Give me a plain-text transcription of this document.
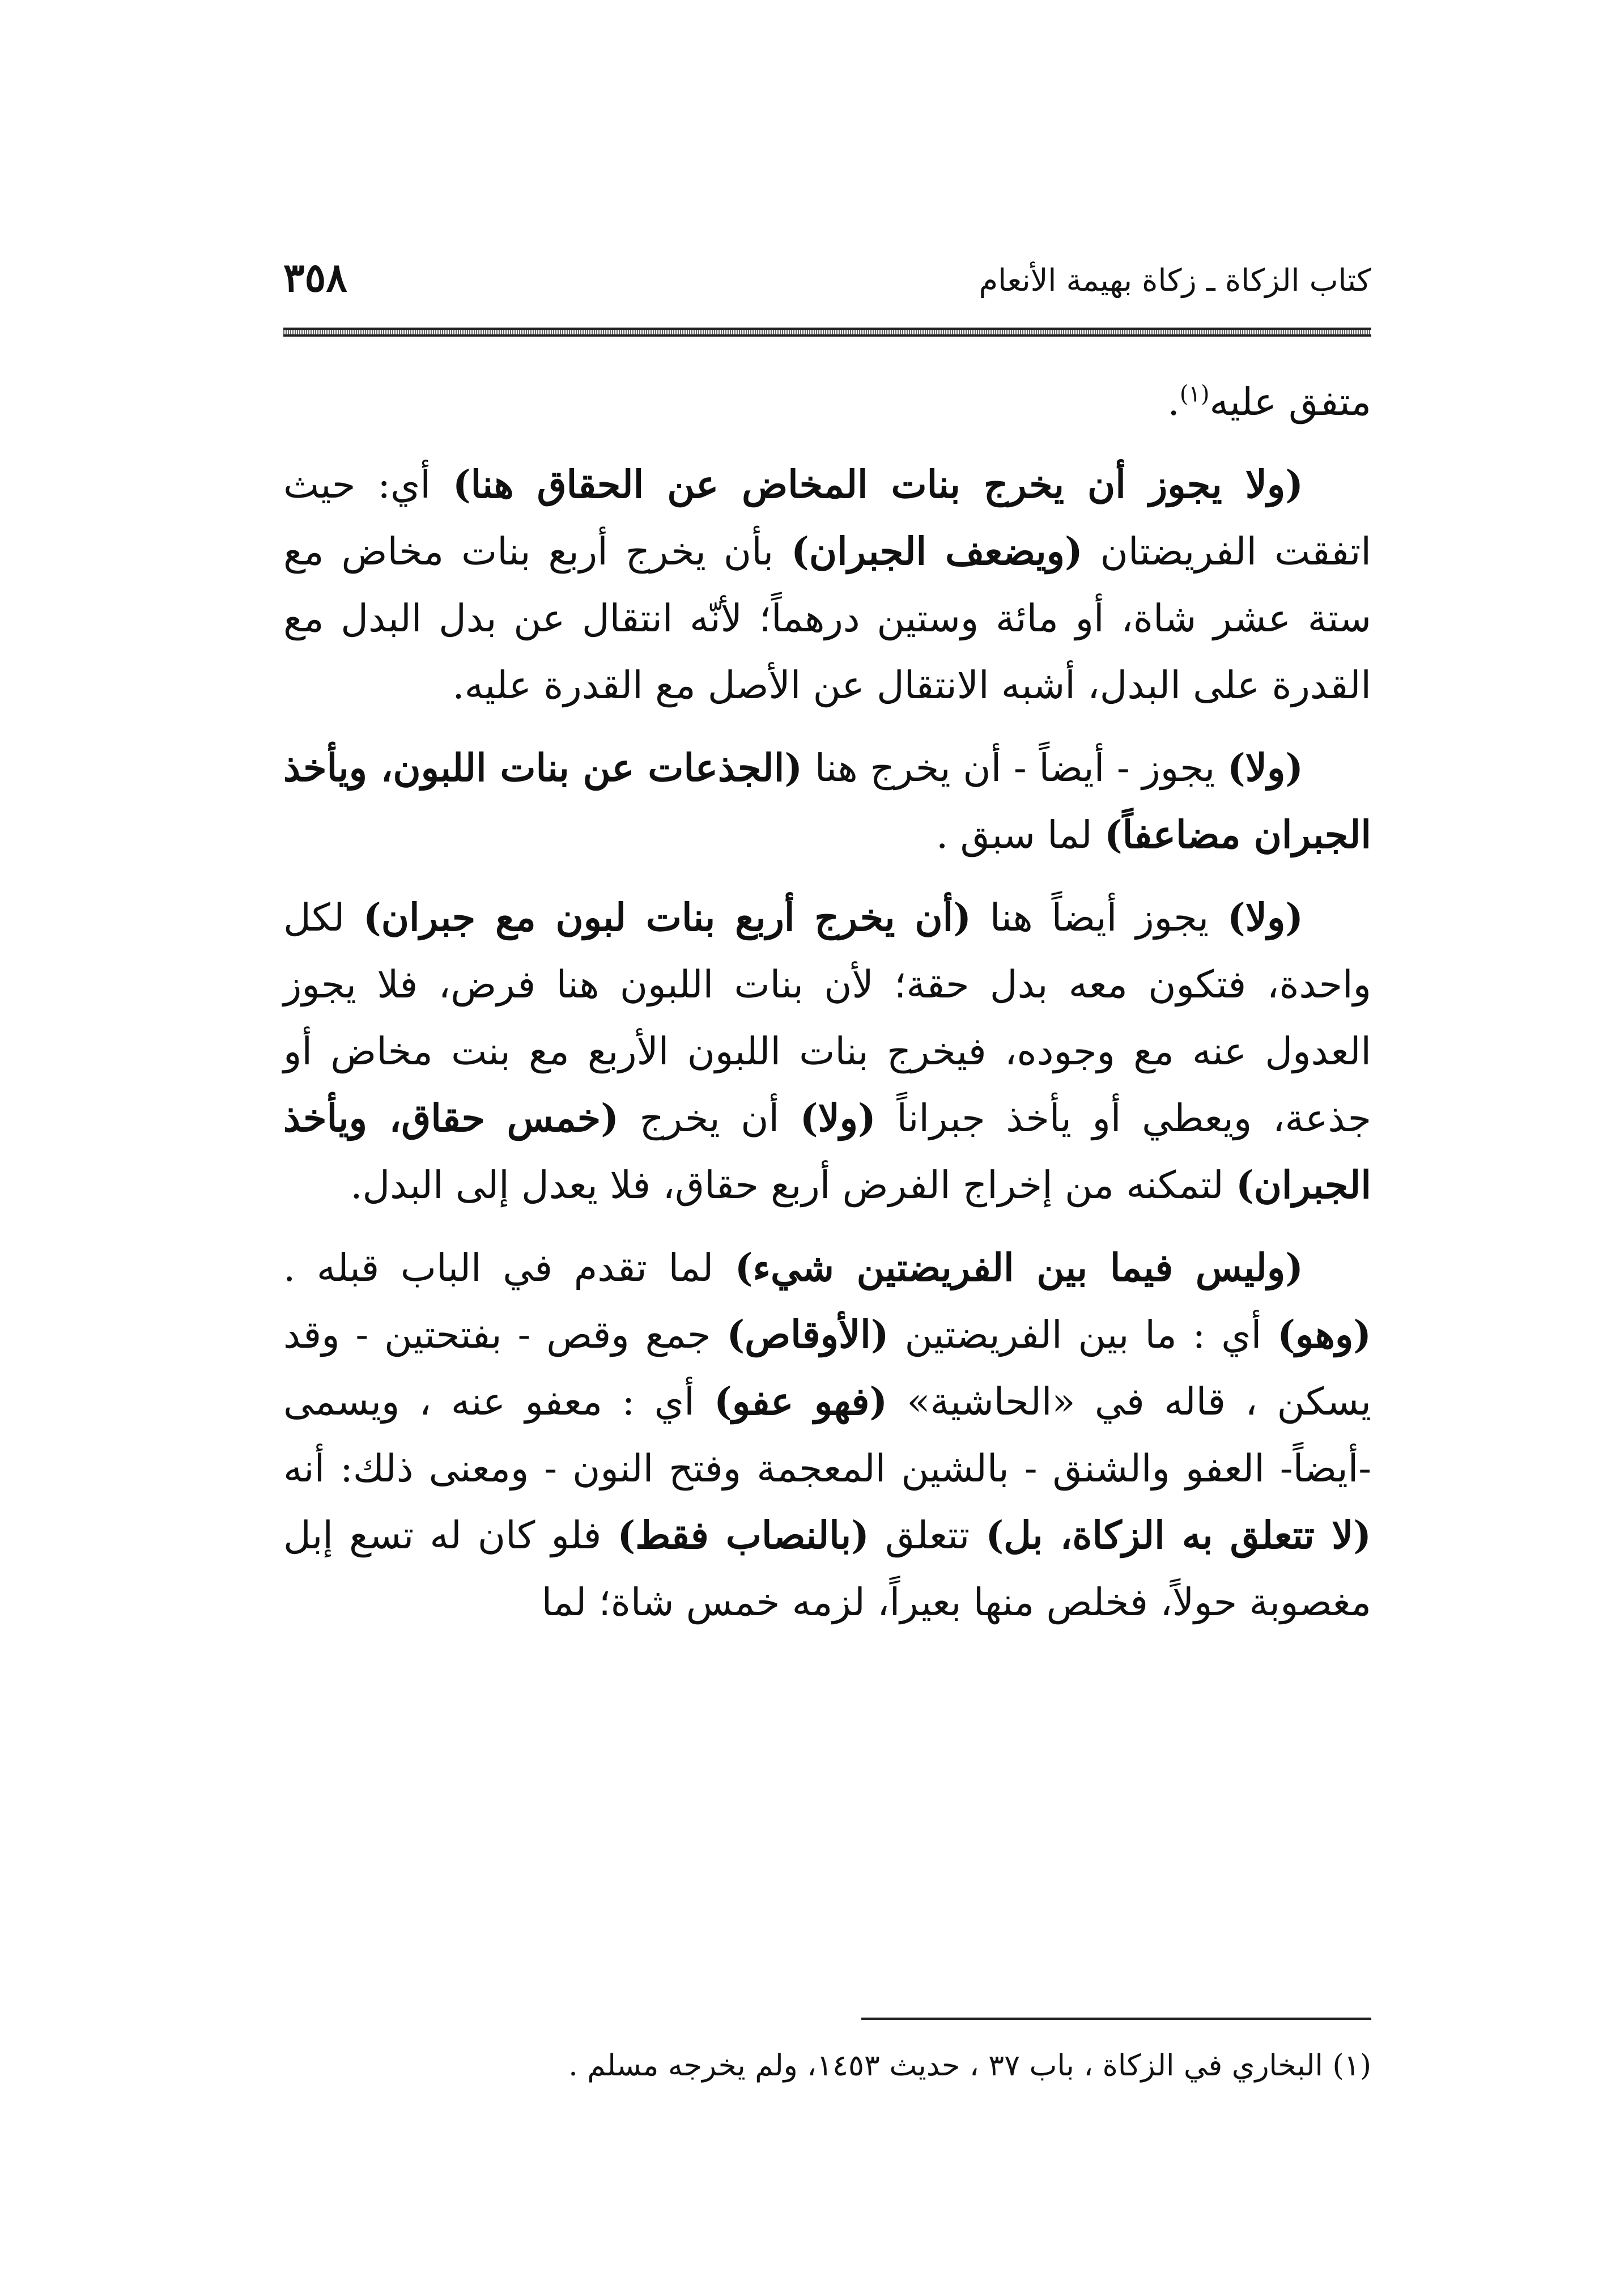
٣٥٨	كتاب الزكاة ـ زكاة بهيمة الأنعام

متفق عليه$^{(١)}$.

(ولا يجوز أن يخرج بنات المخاض عن الحقاق هنا) أي: حيث اتفقت الفريضتان (ويضعف الجبران) بأن يخرج أربع بنات مخاض مع ستة عشر شاة، أو مائة وستين درهماً؛ لأنّه انتقال عن بدل البدل مع القدرة على البدل، أشبه الانتقال عن الأصل مع القدرة عليه.

(ولا) يجوز - أيضاً - أن يخرج هنا (الجذعات عن بنات اللبون، ويأخذ الجبران مضاعفاً) لما سبق .

(ولا) يجوز أيضاً هنا (أن يخرج أربع بنات لبون مع جبران) لكل واحدة، فتكون معه بدل حقة؛ لأن بنات اللبون هنا فرض، فلا يجوز العدول عنه مع وجوده، فيخرج بنات اللبون الأربع مع بنت مخاض أو جذعة، ويعطي أو يأخذ جبراناً (ولا) أن يخرج (خمس حقاق، ويأخذ الجبران) لتمكنه من إخراج الفرض أربع حقاق، فلا يعدل إلى البدل.

(وليس فيما بين الفريضتين شيء) لما تقدم في الباب قبله .(وهو) أي : ما بين الفريضتين (الأوقاص) جمع وقص - بفتحتين - وقد يسكن ، قاله في «الحاشية» (فهو عفو) أي : معفو عنه ، ويسمى -أيضاً- العفو والشنق - بالشين المعجمة وفتح النون - ومعنى ذلك: أنه (لا تتعلق به الزكاة، بل) تتعلق (بالنصاب فقط) فلو كان له تسع إبل مغصوبة حولاً، فخلص منها بعيراً، لزمه خمس شاة؛ لما

(١) البخاري في الزكاة ، باب ٣٧ ، حديث ١٤٥٣، ولم يخرجه مسلم .
